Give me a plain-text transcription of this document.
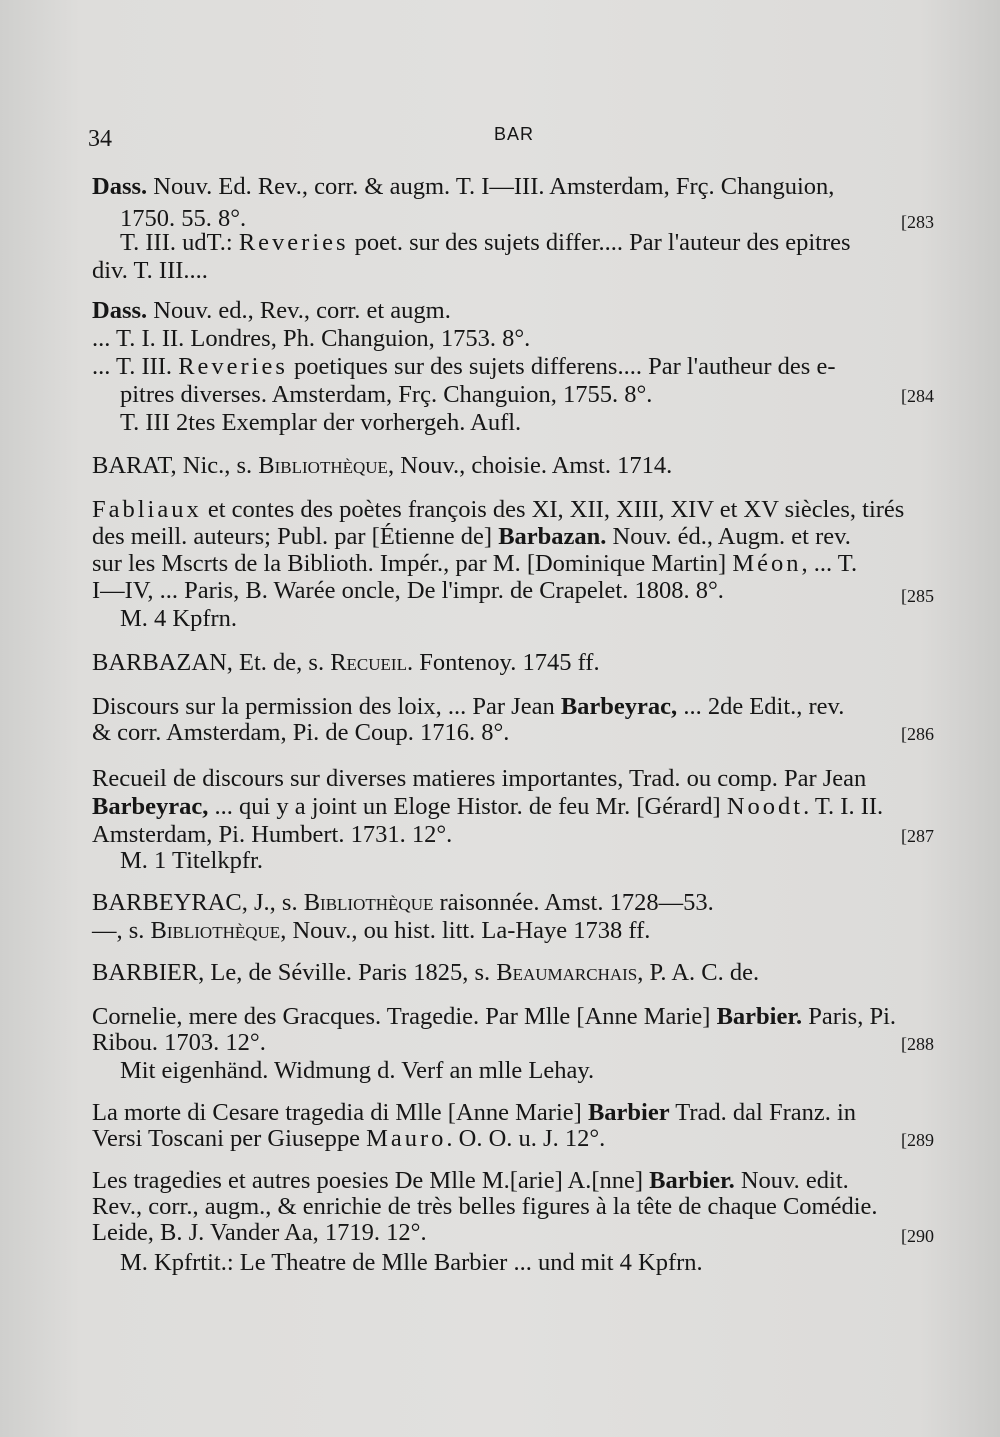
34	BAR
Dass. Nouv. Ed. Rev., corr. & augm. T. I—III. Amsterdam, Frç. Changuion,
1750. 55. 8°.
T. III. udT.: Reveries poet. sur des sujets differ.... Par l'auteur des epitres
div. T. III....
[283
Dass. Nouv. ed., Rev., corr. et augm.
... T. I. II. Londres, Ph. Changuion, 1753. 8°.
... T. III. Reveries poetiques sur des sujets differens.... Par l'autheur des e-
pitres diverses. Amsterdam, Frç. Changuion, 1755. 8°.
T. III 2tes Exemplar der vorhergeh. Aufl.
[284
BARAT, Nic., s. Bibliothèque, Nouv., choisie. Amst. 1714.
Fabliaux et contes des poètes françois des XI, XII, XIII, XIV et XV siècles, tirés
des meill. auteurs; Publ. par [Étienne de] Barbazan. Nouv. éd., Augm. et rev.
sur les Mscrts de la Biblioth. Impér., par M. [Dominique Martin] Méon, ... T.
I—IV, ... Paris, B. Warée oncle, De l'impr. de Crapelet. 1808. 8°.
M. 4 Kpfrn.
[285
BARBAZAN, Et. de, s. Recueil. Fontenoy. 1745 ff.
Discours sur la permission des loix, ... Par Jean Barbeyrac, ... 2de Edit., rev.
& corr. Amsterdam, Pi. de Coup. 1716. 8°.	[286
Recueil de discours sur diverses matieres importantes, Trad. ou comp. Par Jean
Barbeyrac, ... qui y a joint un Eloge Histor. de feu Mr. [Gérard] Noodt. T. I. II.
Amsterdam, Pi. Humbert. 1731. 12°.
M. 1 Titelkpfr.
[287
BARBEYRAC, J., s. Bibliothèque raisonnée. Amst. 1728—53.
—, s. Bibliothèque, Nouv., ou hist. litt. La-Haye 1738 ff.
BARBIER, Le, de Séville. Paris 1825, s. Beaumarchais, P. A. C. de.
Cornelie, mere des Gracques. Tragedie. Par Mlle [Anne Marie] Barbier. Paris, Pi.
Ribou. 1703. 12°.
Mit eigenhänd. Widmung d. Verf an mlle Lehay.
[288
La morte di Cesare tragedia di Mlle [Anne Marie] Barbier Trad. dal Franz. in
Versi Toscani per Giuseppe Mauro. O. O. u. J. 12°.	[289
Les tragedies et autres poesies De Mlle M.[arie] A.[nne] Barbier. Nouv. edit.
Rev., corr., augm., & enrichie de très belles figures à la tête de chaque Comédie.
Leide, B. J. Vander Aa, 1719. 12°.
M. Kpfrtit.: Le Theatre de Mlle Barbier ... und mit 4 Kpfrn.
[290
